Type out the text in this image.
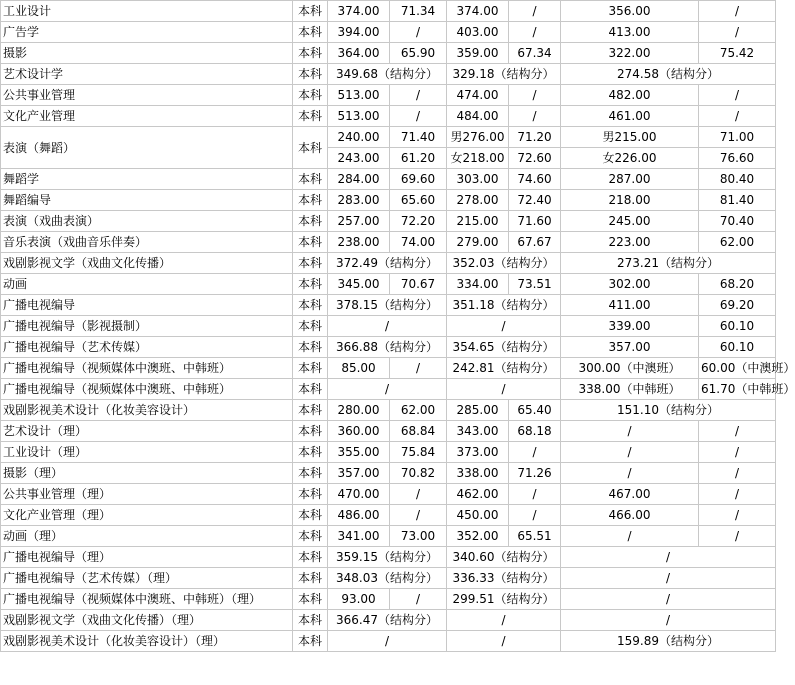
工业设计	本科	374.00	71.34	374.00	/	356.00	/
广告学	本科	394.00	/	403.00	/	413.00	/
摄影	本科	364.00	65.90	359.00	67.34	322.00	75.42
艺术设计学	本科	349.68（结构分）		329.18（结构分）		274.58（结构分）	
公共事业管理	本科	513.00	/	474.00	/	482.00	/
文化产业管理	本科	513.00	/	484.00	/	461.00	/
表演（舞蹈）	本科	240.00	71.40	男276.00	71.20	男215.00	71.00
		243.00	61.20	女218.00	72.60	女226.00	76.60
舞蹈学	本科	284.00	69.60	303.00	74.60	287.00	80.40
舞蹈编导	本科	283.00	65.60	278.00	72.40	218.00	81.40
表演（戏曲表演）	本科	257.00	72.20	215.00	71.60	245.00	70.40
音乐表演（戏曲音乐伴奏）	本科	238.00	74.00	279.00	67.67	223.00	62.00
戏剧影视文学（戏曲文化传播）	本科	372.49（结构分）		352.03（结构分）		273.21（结构分）	
动画	本科	345.00	70.67	334.00	73.51	302.00	68.20
广播电视编导	本科	378.15（结构分）		351.18（结构分）		411.00	69.20
广播电视编导（影视摄制）	本科	/		/		339.00	60.10
广播电视编导（艺术传媒）	本科	366.88（结构分）		354.65（结构分）		357.00	60.10
广播电视编导（视频媒体中澳班、中韩班）	本科	85.00	/	242.81（结构分）		300.00（中澳班）	60.00（中澳班）
广播电视编导（视频媒体中澳班、中韩班）	本科	/		/		338.00（中韩班）	61.70（中韩班）
戏剧影视美术设计（化妆美容设计）	本科	280.00	62.00	285.00	65.40	151.10（结构分）	
艺术设计（理）	本科	360.00	68.84	343.00	68.18	/	/
工业设计（理）	本科	355.00	75.84	373.00	/	/	/
摄影（理）	本科	357.00	70.82	338.00	71.26	/	/
公共事业管理（理）	本科	470.00	/	462.00	/	467.00	/
文化产业管理（理）	本科	486.00	/	450.00	/	466.00	/
动画（理）	本科	341.00	73.00	352.00	65.51	/	/
广播电视编导（理）	本科	359.15（结构分）		340.60（结构分）		/	
广播电视编导（艺术传媒）（理）	本科	348.03（结构分）		336.33（结构分）		/	
广播电视编导（视频媒体中澳班、中韩班）（理）	本科	93.00	/	299.51（结构分）		/	
戏剧影视文学（戏曲文化传播）（理）	本科	366.47（结构分）		/		/	
戏剧影视美术设计（化妆美容设计）（理）	本科	/		/		159.89（结构分）	
